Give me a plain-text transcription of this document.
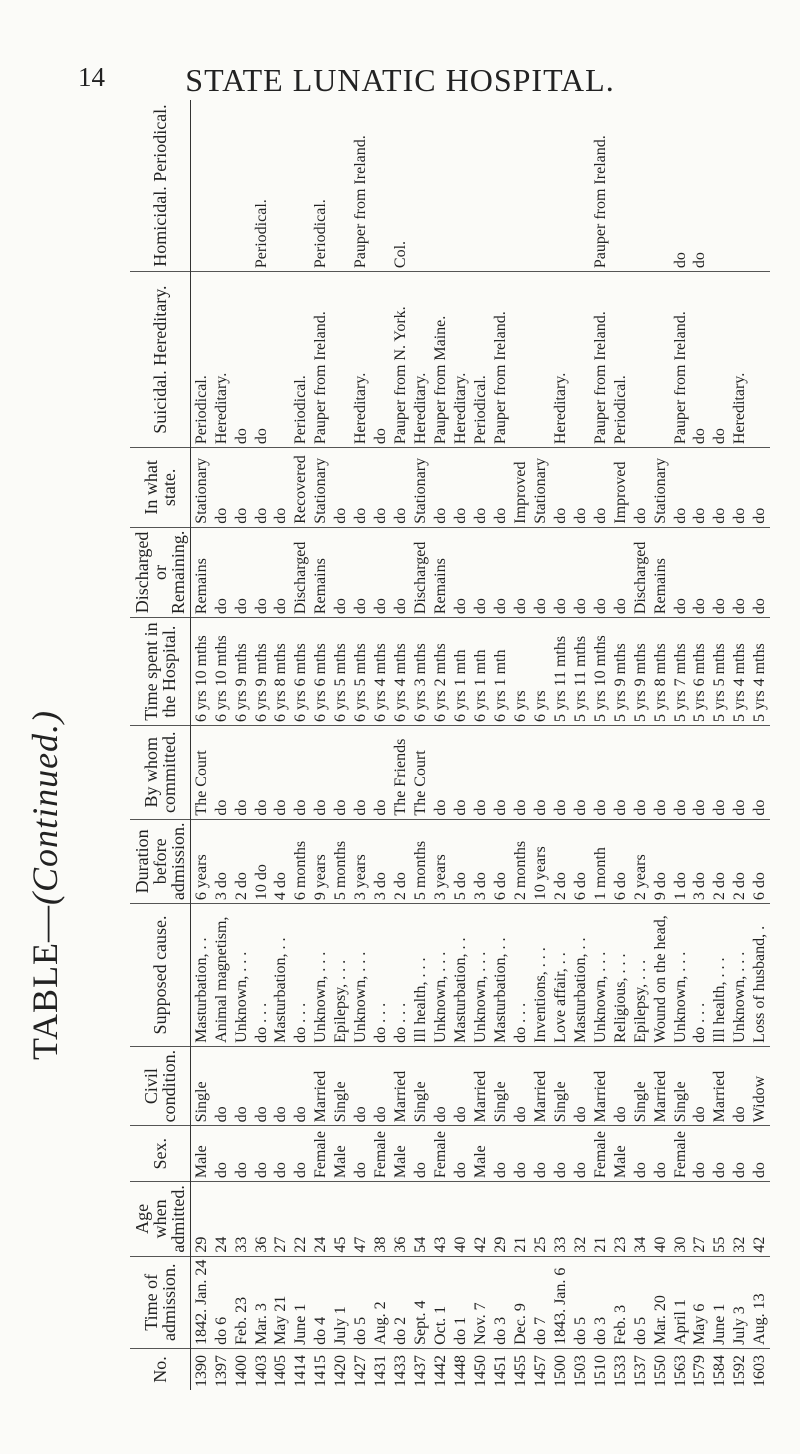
14	STATE LUNATIC HOSPITAL.
TABLE—
(Continued.)
No.	Time of admission.	Age when admitted.	Sex.	Civil condition.	Supposed cause.	Duration before admission.	By whom committed.	Time spent in the Hospital.	Discharged or Remaining.	In what state.	Suicidal. Hereditary.	Homicidal. Periodical.
1390	1842. Jan. 24	29	Male	Single	Masturbation, . .	6 years	The Court	6 yrs 10 mths	Remains	Stationary	Periodical.	
1397	do 6	24	do	do	Animal magnetism,	3 do	do	6 yrs 10 mths	do	do	Hereditary.	
1400	Feb. 23	33	do	do	Unknown, . . .	2 do	do	6 yrs 9 mths	do	do	do	
1403	Mar. 3	36	do	do	do . . .	10 do	do	6 yrs 9 mths	do	do	do	Periodical.
1405	May 21	27	do	do	Masturbation, . .	4 do	do	6 yrs 8 mths	do	do		
1414	June 1	22	do	do	do . . .	6 months	do	6 yrs 6 mths	Discharged	Recovered	Periodical.	
1415	do 4	24	Female	Married	Unknown, . . .	9 years	do	6 yrs 6 mths	Remains	Stationary	Pauper from Ireland.	Periodical.
1420	July 1	45	Male	Single	Epilepsy, . . .	5 months	do	6 yrs 5 mths	do	do		
1427	do 5	47	do	do	Unknown, . . .	3 years	do	6 yrs 5 mths	do	do	Hereditary.	Pauper from Ireland.
1431	Aug. 2	38	Female	do	do . . .	3 do	do	6 yrs 4 mths	do	do	do	
1433	do 2	36	Male	Married	do . . .	2 do	The Friends	6 yrs 4 mths	do	do	Pauper from N. York.	Col.
1437	Sept. 4	54	do	Single	Ill health, . . .	5 months	The Court	6 yrs 3 mths	Discharged	Stationary	Hereditary.	
1442	Oct. 1	43	Female	do	Unknown, . . .	3 years	do	6 yrs 2 mths	Remains	do	Pauper from Maine.	
1448	do 1	40	do	do	Masturbation, . .	5 do	do	6 yrs 1 mth	do	do	Hereditary.	
1450	Nov. 7	42	Male	Married	Unknown, . . .	3 do	do	6 yrs 1 mth	do	do	Periodical.	
1451	do 3	29	do	Single	Masturbation, . .	6 do	do	6 yrs 1 mth	do	do	Pauper from Ireland.	
1455	Dec. 9	21	do	do	do . . .	2 months	do	6 yrs	do	Improved		
1457	do 7	25	do	Married	Inventions, . . .	10 years	do	6 yrs	do	Stationary		
1500	1843. Jan. 6	33	do	Single	Love affair, . .	2 do	do	5 yrs 11 mths	do	do	Hereditary.	
1503	do 5	32	do	do	Masturbation, . .	6 do	do	5 yrs 11 mths	do	do		
1510	do 3	21	Female	Married	Unknown, . . .	1 month	do	5 yrs 10 mths	do	do	Pauper from Ireland.	Pauper from Ireland.
1533	Feb. 3	23	Male	do	Religious, . . .	6 do	do	5 yrs 9 mths	do	Improved	Periodical.	
1537	do 5	34	do	Single	Epilepsy, . . .	2 years	do	5 yrs 9 mths	Discharged	do		
1550	Mar. 20	40	do	Married	Wound on the head,	9 do	do	5 yrs 8 mths	Remains	Stationary		
1563	April 1	30	Female	Single	Unknown, . . .	1 do	do	5 yrs 7 mths	do	do	Pauper from Ireland.	do
1579	May 6	27	do	do	do . . .	3 do	do	5 yrs 6 mths	do	do	do	do
1584	June 1	55	do	Married	Ill health, . . .	2 do	do	5 yrs 5 mths	do	do	do	
1592	July 3	32	do	do	Unknown, . . .	2 do	do	5 yrs 4 mths	do	do	Hereditary.	
1603	Aug. 13	42	do	Widow	Loss of husband, .	6 do	do	5 yrs 4 mths	do	do		
